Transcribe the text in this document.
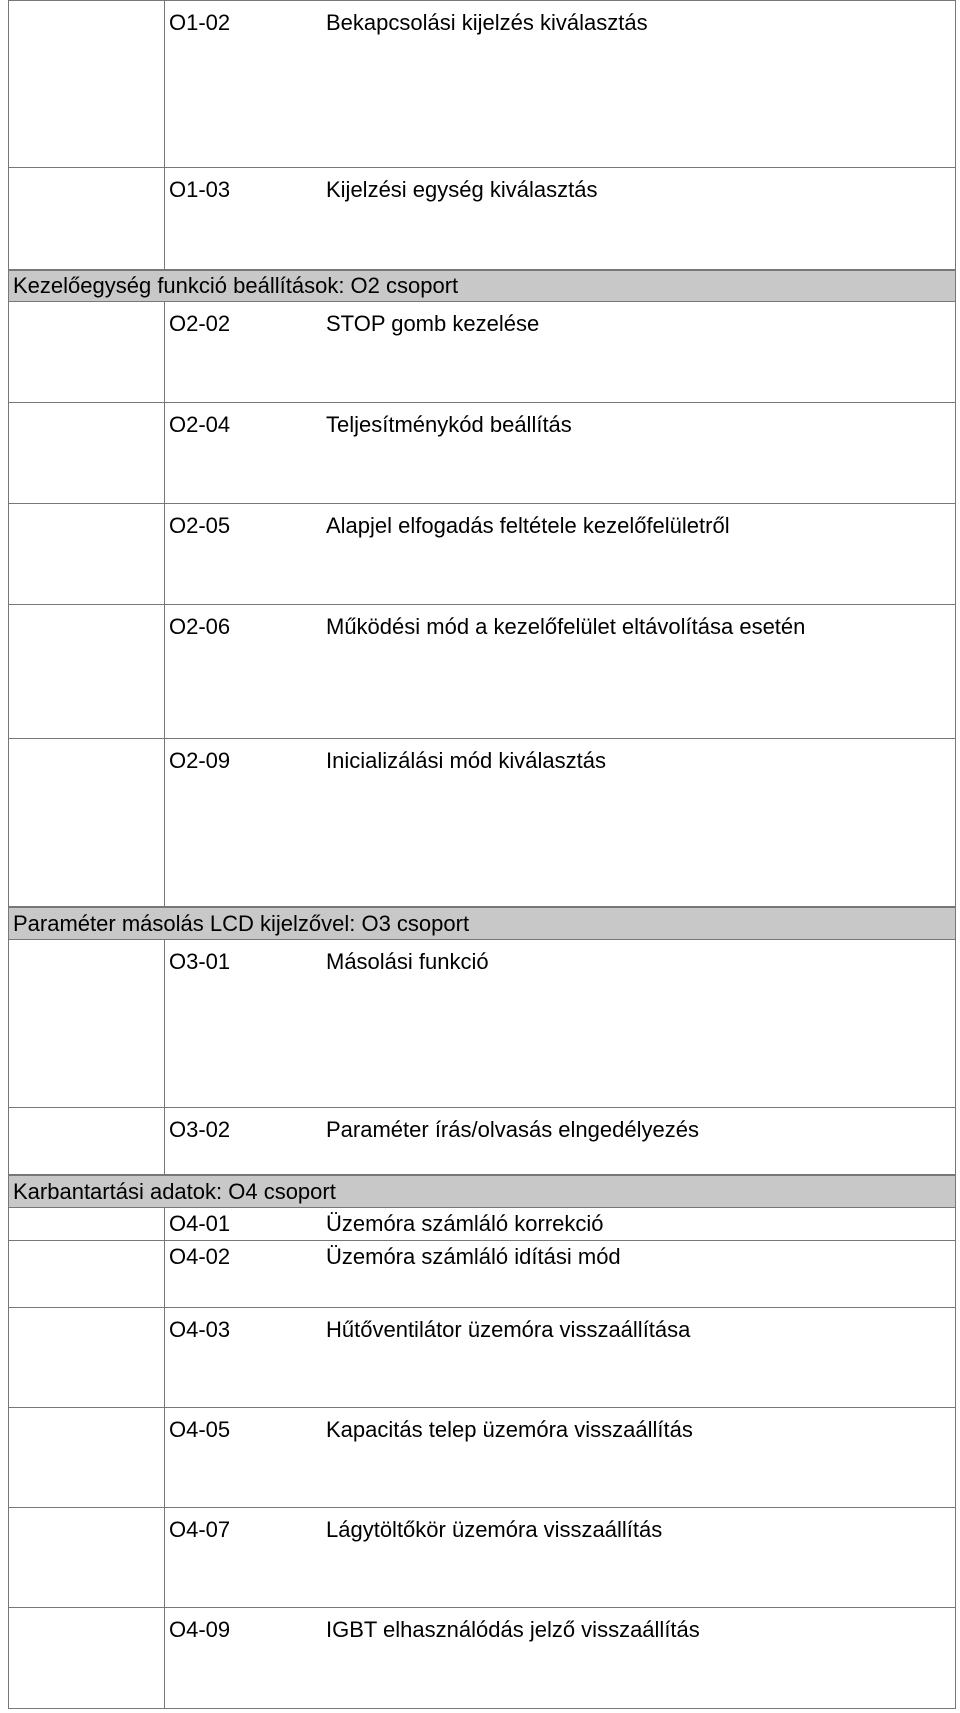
O1-02	Bekapcsolási kijelzés kiválasztás
O1-03	Kijelzési egység kiválasztás
Kezelőegység funkció beállítások: O2 csoport
O2-02	STOP gomb kezelése
O2-04	Teljesítménykód beállítás
O2-05	Alapjel elfogadás feltétele kezelőfelületről
O2-06	Működési mód a kezelőfelület eltávolítása esetén
O2-09	Inicializálási mód kiválasztás
Paraméter másolás LCD kijelzővel: O3 csoport
O3-01	Másolási funkció
O3-02	Paraméter írás/olvasás elngedélyezés
Karbantartási adatok: O4 csoport
O4-01	Üzemóra számláló korrekció
O4-02	Üzemóra számláló idítási mód
O4-03	Hűtőventilátor üzemóra visszaállítása
O4-05	Kapacitás telep üzemóra visszaállítás
O4-07	Lágytöltőkör üzemóra visszaállítás
O4-09	IGBT elhasználódás jelző visszaállítás
